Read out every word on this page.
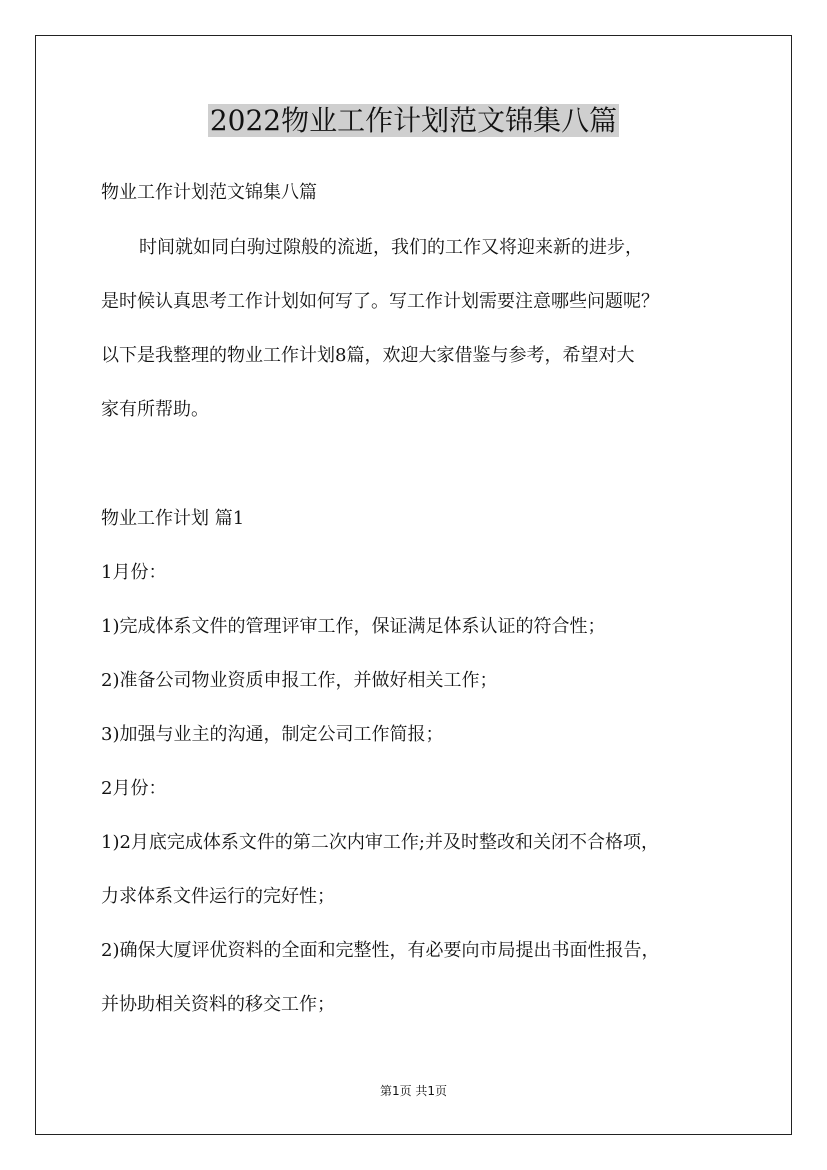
2022物业工作计划范文锦集八篇

物业工作计划范文锦集八篇

时间就如同白驹过隙般的流逝，我们的工作又将迎来新的进步，

是时候认真思考工作计划如何写了。写工作计划需要注意哪些问题呢？

以下是我整理的物业工作计划8篇，欢迎大家借鉴与参考，希望对大

家有所帮助。

物业工作计划 篇1

1月份：

1)完成体系文件的管理评审工作，保证满足体系认证的符合性；

2)准备公司物业资质申报工作，并做好相关工作；

3)加强与业主的沟通，制定公司工作简报；

2月份：

1)2月底完成体系文件的第二次内审工作;并及时整改和关闭不合格项，

力求体系文件运行的完好性；

2)确保大厦评优资料的全面和完整性，有必要向市局提出书面性报告，

并协助相关资料的移交工作；

第1页 共1页
